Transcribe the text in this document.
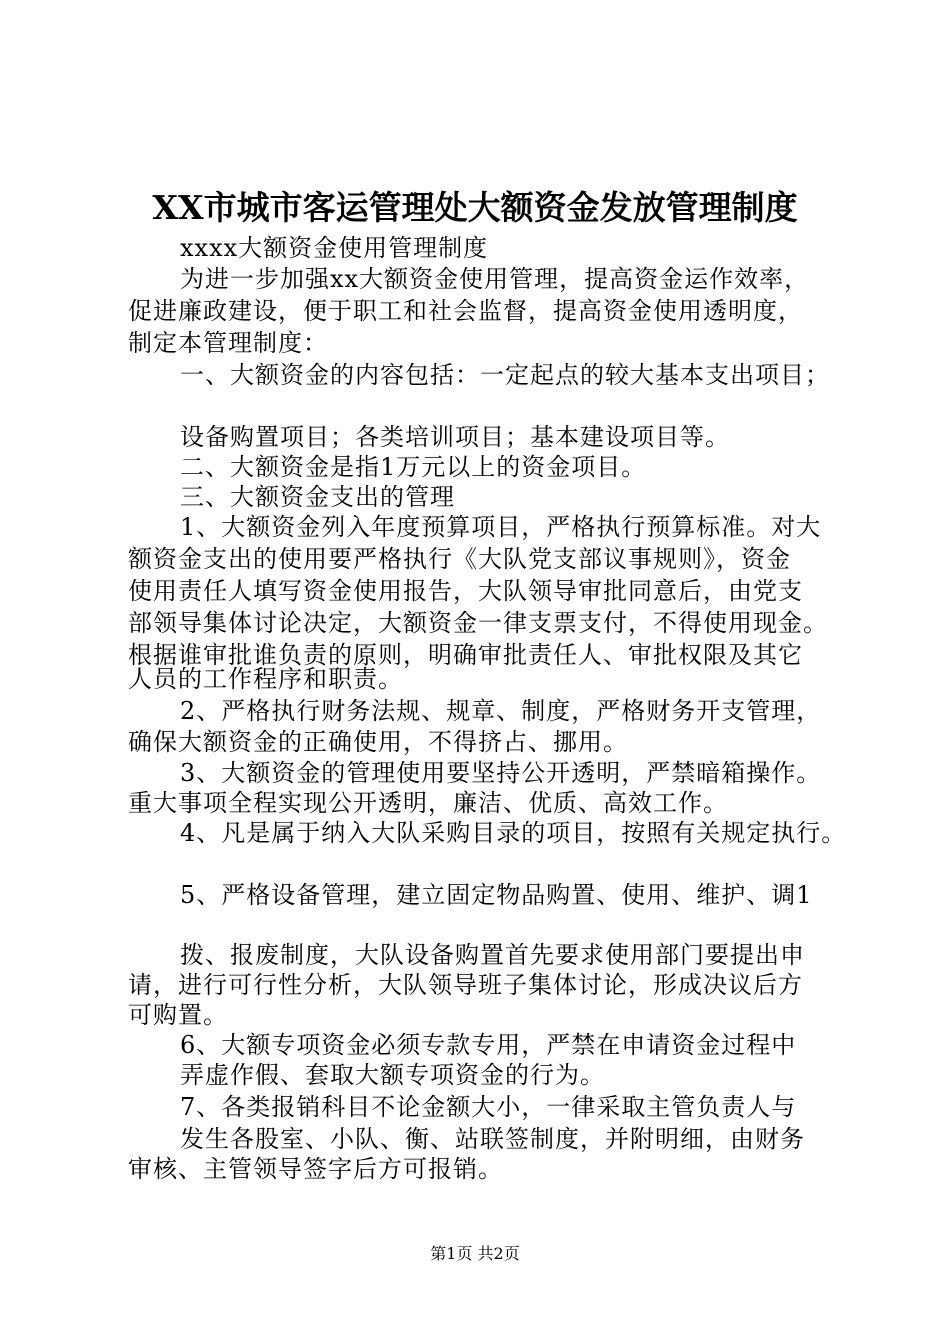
XX市城市客运管理处大额资金发放管理制度
xxxx大额资金使用管理制度
为进一步加强xx大额资金使用管理，提高资金运作效率，
促进廉政建设，便于职工和社会监督，提高资金使用透明度，
制定本管理制度：
一、大额资金的内容包括：一定起点的较大基本支出项目；
设备购置项目；各类培训项目；基本建设项目等。
二、大额资金是指1万元以上的资金项目。
三、大额资金支出的管理
1、大额资金列入年度预算项目，严格执行预算标准。对大
额资金支出的使用要严格执行《大队党支部议事规则》，资金
使用责任人填写资金使用报告，大队领导审批同意后，由党支
部领导集体讨论决定，大额资金一律支票支付，不得使用现金。
根据谁审批谁负责的原则，明确审批责任人、审批权限及其它
人员的工作程序和职责。
2、严格执行财务法规、规章、制度，严格财务开支管理，
确保大额资金的正确使用，不得挤占、挪用。
3、大额资金的管理使用要坚持公开透明，严禁暗箱操作。
重大事项全程实现公开透明，廉洁、优质、高效工作。
4、凡是属于纳入大队采购目录的项目，按照有关规定执行。
5、严格设备管理，建立固定物品购置、使用、维护、调1
拨、报废制度，大队设备购置首先要求使用部门要提出申
请，进行可行性分析，大队领导班子集体讨论，形成决议后方
可购置。
6、大额专项资金必须专款专用，严禁在申请资金过程中
弄虚作假、套取大额专项资金的行为。
7、各类报销科目不论金额大小，一律采取主管负责人与
发生各股室、小队、衡、站联签制度，并附明细，由财务
审核、主管领导签字后方可报销。
第1页 共2页
